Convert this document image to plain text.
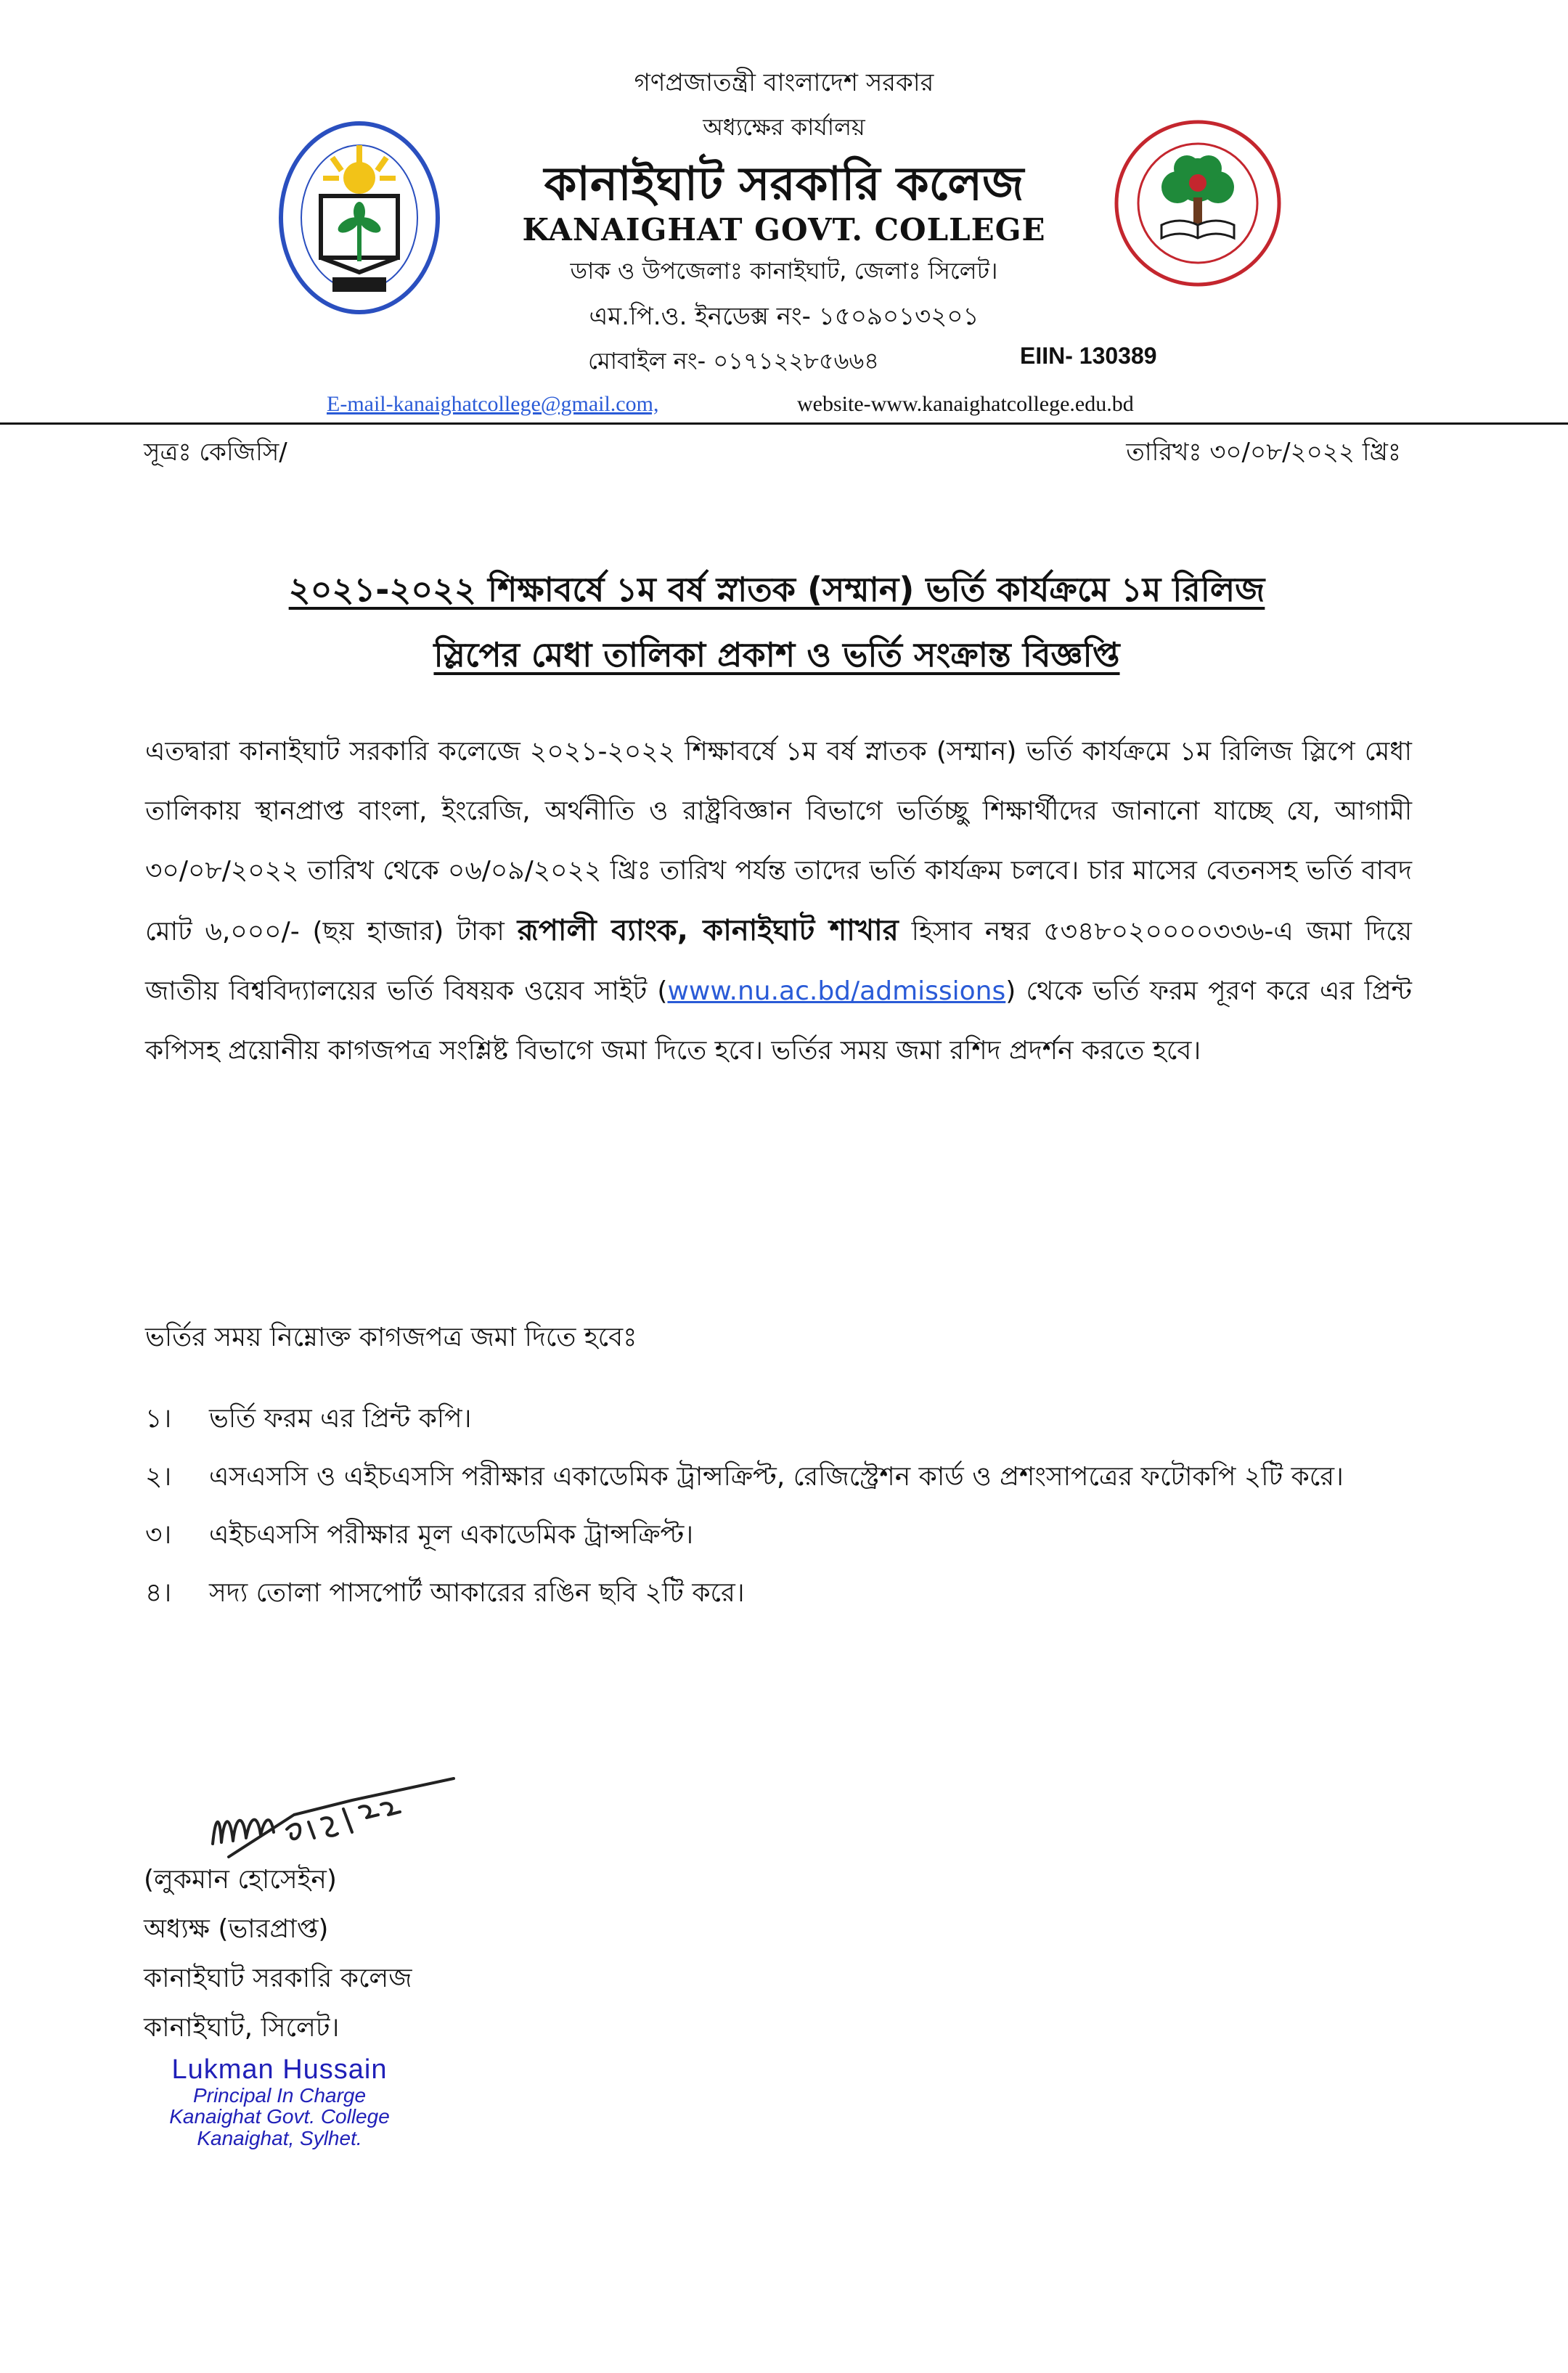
গণপ্রজাতন্ত্রী বাংলাদেশ সরকার
অধ্যক্ষের কার্যালয়
কানাইঘাট সরকারি কলেজ
KANAIGHAT GOVT. COLLEGE
ডাক ও উপজেলাঃ কানাইঘাট, জেলাঃ সিলেট।
এম.পি.ও. ইনডেক্স নং- ১৫০৯০১৩২০১
মোবাইল নং- ০১৭১২২৮৫৬৬৪	EIIN- 130389
E-mail-kanaighatcollege@gmail.com,	website-www.kanaighatcollege.edu.bd
সূত্রঃ কেজিসি/	তারিখঃ ৩০/০৮/২০২২ খ্রিঃ
২০২১-২০২২ শিক্ষাবর্ষে ১ম বর্ষ স্নাতক (সম্মান) ভর্তি কার্যক্রমে ১ম রিলিজ
স্লিপের মেধা তালিকা প্রকাশ ও ভর্তি সংক্রান্ত বিজ্ঞপ্তি
এতদ্বারা কানাইঘাট সরকারি কলেজে ২০২১-২০২২ শিক্ষাবর্ষে ১ম বর্ষ স্নাতক (সম্মান) ভর্তি কার্যক্রমে ১ম রিলিজ স্লিপে মেধা তালিকায় স্থানপ্রাপ্ত বাংলা, ইংরেজি, অর্থনীতি ও রাষ্ট্রবিজ্ঞান বিভাগে ভর্তিচ্ছু শিক্ষার্থীদের জানানো যাচ্ছে যে, আগামী ৩০/০৮/২০২২ তারিখ থেকে ০৬/০৯/২০২২ খ্রিঃ তারিখ পর্যন্ত তাদের ভর্তি কার্যক্রম চলবে। চার মাসের বেতনসহ ভর্তি বাবদ মোট ৬,০০০/- (ছয় হাজার) টাকা রূপালী ব্যাংক, কানাইঘাট শাখার হিসাব নম্বর ৫৩৪৮০২০০০০৩৩৬-এ জমা দিয়ে জাতীয় বিশ্ববিদ্যালয়ের ভর্তি বিষয়ক ওয়েব সাইট (www.nu.ac.bd/admissions) থেকে ভর্তি ফরম পূরণ করে এর প্রিন্ট কপিসহ প্রয়োনীয় কাগজপত্র সংশ্লিষ্ট বিভাগে জমা দিতে হবে। ভর্তির সময় জমা রশিদ প্রদর্শন করতে হবে।
ভর্তির সময় নিম্নোক্ত কাগজপত্র জমা দিতে হবেঃ
১। ভর্তি ফরম এর প্রিন্ট কপি।
২। এসএসসি ও এইচএসসি পরীক্ষার একাডেমিক ট্রান্সক্রিপ্ট, রেজিস্ট্রেশন কার্ড ও প্রশংসাপত্রের ফটোকপি ২টি করে।
৩। এইচএসসি পরীক্ষার মূল একাডেমিক ট্রান্সক্রিপ্ট।
৪। সদ্য তোলা পাসপোর্ট আকারের রঙিন ছবি ২টি করে।
(লুকমান হোসেইন)
অধ্যক্ষ (ভারপ্রাপ্ত)
কানাইঘাট সরকারি কলেজ
কানাইঘাট, সিলেট।
Lukman Hussain
Principal In Charge
Kanaighat Govt. College
Kanaighat, Sylhet.
